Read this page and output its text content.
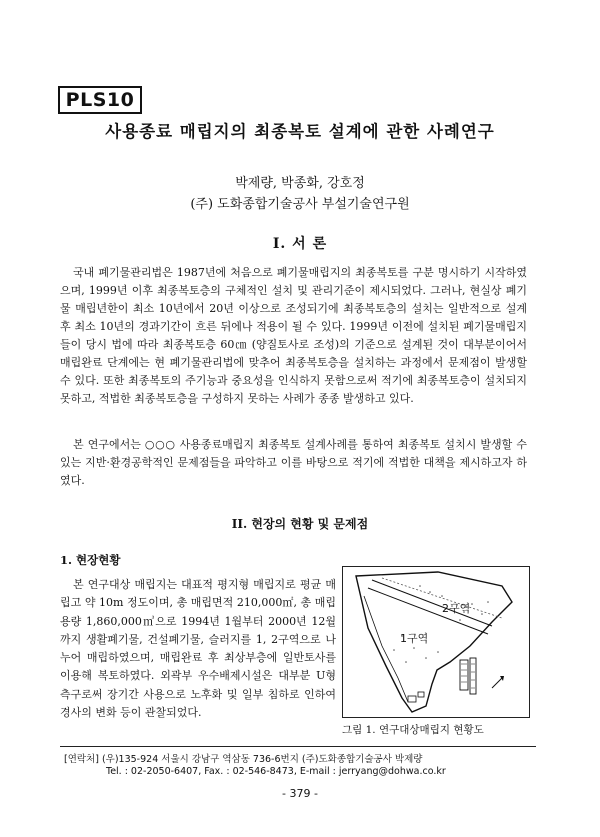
PLS10
사용종료 매립지의 최종복토 설계에 관한 사례연구
박제량, 박종화, 강호정
(주) 도화종합기술공사 부설기술연구원
I. 서 론

국내 폐기물관리법은 1987년에 처음으로 폐기물매립지의 최종복토를 구분 명시하기 시작하였으며, 1999년 이후 최종복토층의 구체적인 설치 및 관리기준이 제시되었다. 그러나, 현실상 폐기물 매립년한이 최소 10년에서 20년 이상으로 조성되기에 최종복토층의 설치는 일반적으로 설계 후 최소 10년의 경과기간이 흐른 뒤에나 적용이 될 수 있다. 1999년 이전에 설치된 폐기물매립지들이 당시 법에 따라 최종복토층 60㎝ (양질토사로 조성)의 기준으로 설계된 것이 대부분이어서 매립완료 단계에는 현 폐기물관리법에 맞추어 최종복토층을 설치하는 과정에서 문제점이 발생할 수 있다. 또한 최종복토의 주기능과 중요성을 인식하지 못함으로써 적기에 최종복토층이 설치되지 못하고, 적법한 최종복토층을 구성하지 못하는 사례가 종종 발생하고 있다.

본 연구에서는 ○○○ 사용종료매립지 최종복토 설계사례를 통하여 최종복토 설치시 발생할 수 있는 지반·환경공학적인 문제점들을 파악하고 이를 바탕으로 적기에 적법한 대책을 제시하고자 하였다.

II. 현장의 현황 및 문제점
1. 현장현황

본 연구대상 매립지는 대표적 평지형 매립지로 평균 매립고 약 10m 정도이며, 총 매립면적 210,000㎡, 총 매립용량 1,860,000㎥으로 1994년 1월부터 2000년 12월까지 생활폐기물, 건설폐기물, 슬러지를 1, 2구역으로 나누어 매립하였으며, 매립완료 후 최상부층에 일반토사를 이용해 복토하였다. 외곽부 우수배제시설은 대부분 U형 측구로써 장기간 사용으로 노후화 및 일부 침하로 인하여 경사의 변화 등이 관찰되었다.

2구역
1구역
그림 1. 연구대상매립지 현황도
[연락처] (우)135-924 서울시 강남구 역삼동 736-6번지 (주)도화종합기술공사 박제량
Tel. : 02-2050-6407, Fax. : 02-546-8473, E-mail : jerryang@dohwa.co.kr
- 379 -
